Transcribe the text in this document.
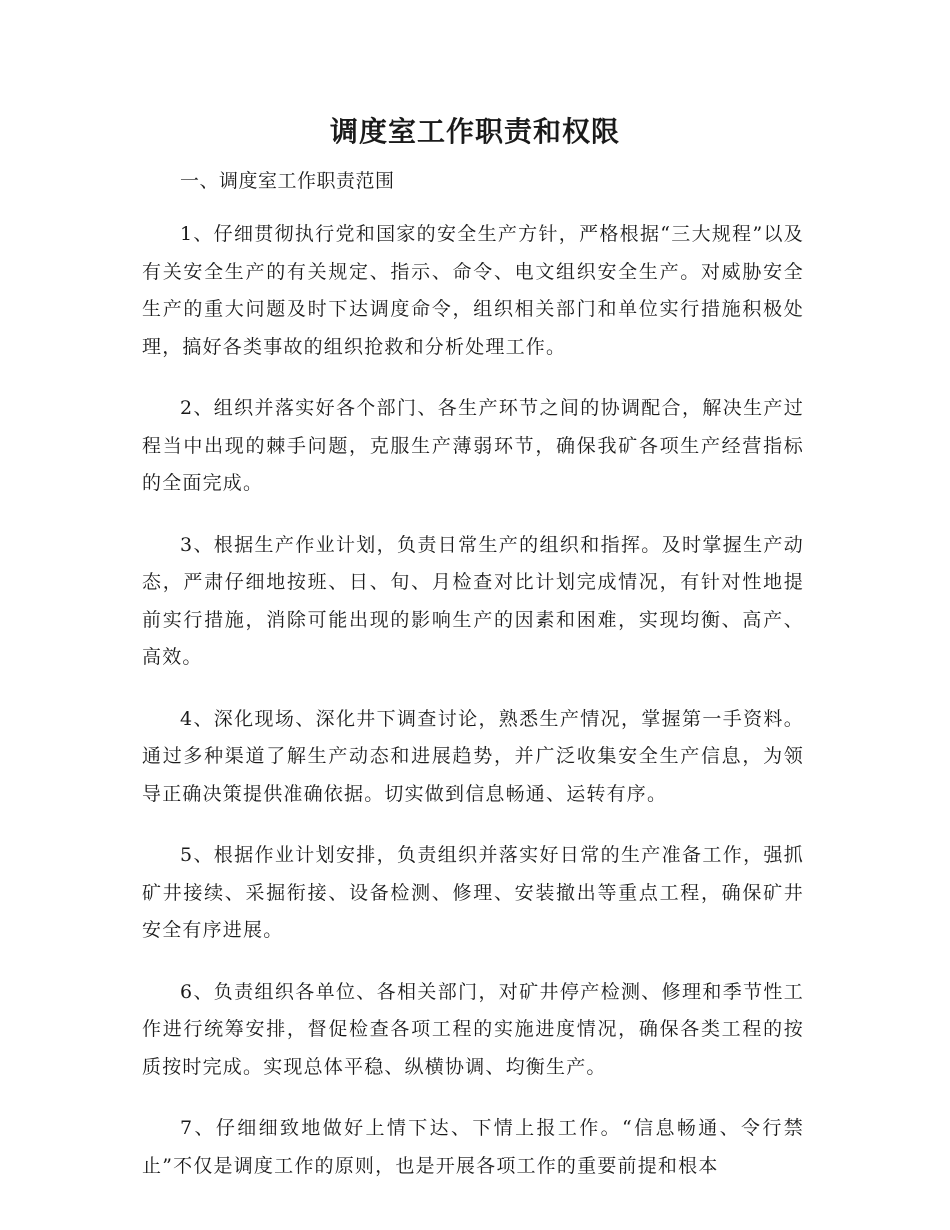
调度室工作职责和权限

一、调度室工作职责范围

1、仔细贯彻执行党和国家的安全生产方针，严格根据“三大规程”以及有关安全生产的有关规定、指示、命令、电文组织安全生产。对威胁安全生产的重大问题及时下达调度命令，组织相关部门和单位实行措施积极处理，搞好各类事故的组织抢救和分析处理工作。

2、组织并落实好各个部门、各生产环节之间的协调配合，解决生产过程当中出现的棘手问题，克服生产薄弱环节，确保我矿各项生产经营指标的全面完成。

3、根据生产作业计划，负责日常生产的组织和指挥。及时掌握生产动态，严肃仔细地按班、日、旬、月检查对比计划完成情况，有针对性地提前实行措施，消除可能出现的影响生产的因素和困难，实现均衡、高产、高效。

4、深化现场、深化井下调查讨论，熟悉生产情况，掌握第一手资料。通过多种渠道了解生产动态和进展趋势，并广泛收集安全生产信息，为领导正确决策提供准确依据。切实做到信息畅通、运转有序。

5、根据作业计划安排，负责组织并落实好日常的生产准备工作，强抓矿井接续、采掘衔接、设备检测、修理、安装撤出等重点工程，确保矿井安全有序进展。

6、负责组织各单位、各相关部门，对矿井停产检测、修理和季节性工作进行统筹安排，督促检查各项工程的实施进度情况，确保各类工程的按质按时完成。实现总体平稳、纵横协调、均衡生产。

7、仔细细致地做好上情下达、下情上报工作。“信息畅通、令行禁止”不仅是调度工作的原则，也是开展各项工作的重要前提和根本
